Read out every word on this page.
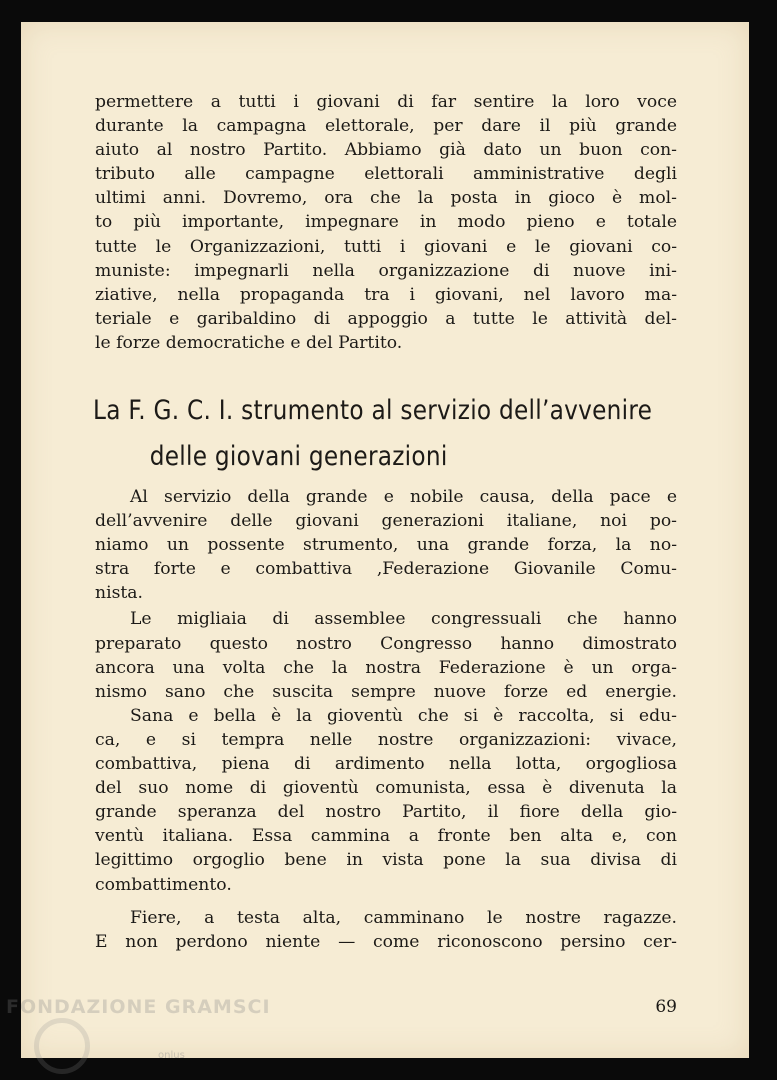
permettere a tutti i giovani di far sentire la loro voce
durante la campagna elettorale, per dare il più grande
aiuto al nostro Partito. Abbiamo già dato un buon con-
tributo alle campagne elettorali amministrative degli
ultimi anni. Dovremo, ora che la posta in gioco è mol-
to più importante, impegnare in modo pieno e totale
tutte le Organizzazioni, tutti i giovani e le giovani co-
muniste: impegnarli nella organizzazione di nuove ini-
ziative, nella propaganda tra i giovani, nel lavoro ma-
teriale e garibaldino di appoggio a tutte le attività del-
le forze democratiche e del Partito.
La F. G. C. I. strumento al servizio dell’avvenire
delle giovani generazioni
Al servizio della grande e nobile causa, della pace e
dell’avvenire delle giovani generazioni italiane, noi po-
niamo un possente strumento, una grande forza, la no-
stra forte e combattiva ,Federazione Giovanile Comu-
nista.
Le migliaia di assemblee congressuali che hanno
preparato questo nostro Congresso hanno dimostrato
ancora una volta che la nostra Federazione è un orga-
nismo sano che suscita sempre nuove forze ed energie.
Sana e bella è la gioventù che si è raccolta, si edu-
ca, e si tempra nelle nostre organizzazioni: vivace,
combattiva, piena di ardimento nella lotta, orgogliosa
del suo nome di gioventù comunista, essa è divenuta la
grande speranza del nostro Partito, il fiore della gio-
ventù italiana. Essa cammina a fronte ben alta e, con
legittimo orgoglio bene in vista pone la sua divisa di
combattimento.
Fiere, a testa alta, camminano le nostre ragazze.
E non perdono niente — come riconoscono persino cer-
69
FONDAZIONE GRAMSCI
onlus
